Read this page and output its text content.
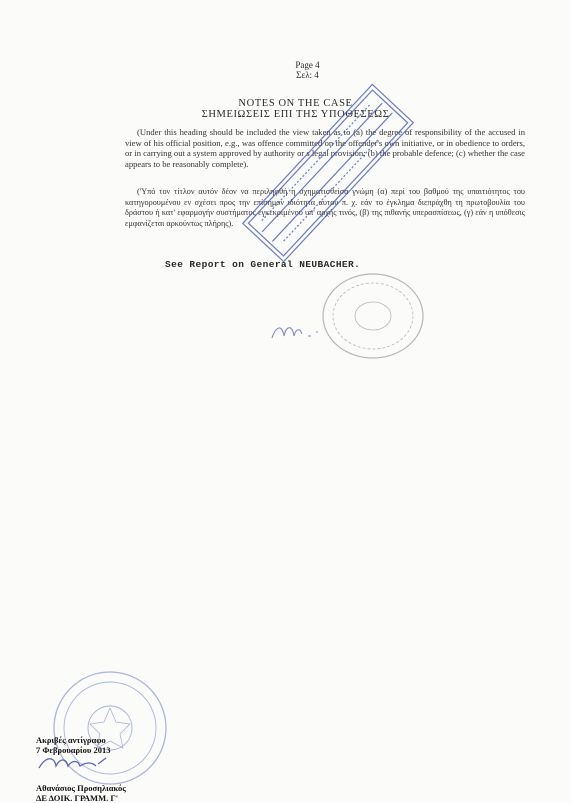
Page 4
Σελ: 4
NOTES ON THE CASE
ΣΗΜΕΙΩΣΕΙΣ ΕΠΙ ΤΗΣ ΥΠΟΘΕΣΕΩΣ
(Under this heading should be included the view taken as to (a) the degree of responsibility of the accused in view of his official position, e.g., was offence committed on the offender's own initiative, or in obedience to orders, or in carrying out a system approved by authority or s legal provision; (b) the probable defence; (c) whether the case appears to be reasonably complete).
('Υπό τον τίτλον αυτόν δέον να περιληφθή η σχηματισθείσα γνώμη (α) περί του βαθμού της υπαιτιότητος του κατηγορουμένου εν σχέσει προς την επίσημον ιδιότητα αυτού π. χ. εάν το έγκλημα διεπράχθη τη πρωτοβουλία του δράστου ή κατ' εφαρμογήν συστήματος εγκεκριμένου υπ' αρχής τινός, (β) της πιθανής υπερασπίσεως, (γ) εάν η υπόθεσις εμφανίζεται αρκούντως πλήρης).
See Report on General NEUBACHER.
Ακριβές αντίγραφο
7 Φεβρουαρίου 2013
Αθανάσιος Προσηλιακός
ΔΕ ΔΟΙΚ. ΓΡΑΜΜ. Γ'
